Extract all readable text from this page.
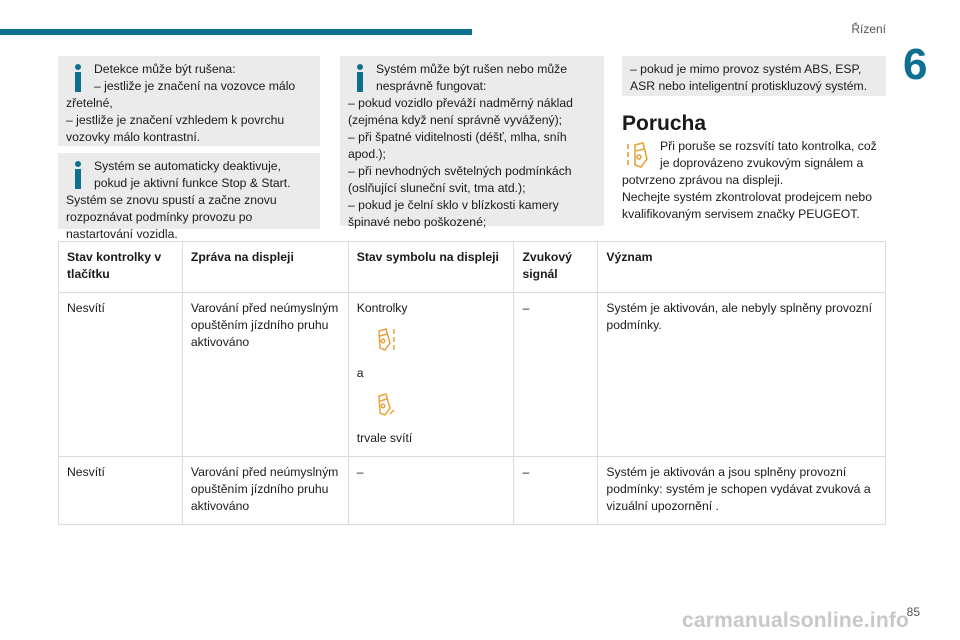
Řízení
6

Detekce může být rušena:
– jestliže je značení na vozovce málo zřetelné,
– jestliže je značení vzhledem k povrchu vozovky málo kontrastní.

Systém se automaticky deaktivuje, pokud je aktivní funkce Stop & Start. Systém se znovu spustí a začne znovu rozpoznávat podmínky provozu po nastartování vozidla.

Systém může být rušen nebo může nesprávně fungovat:
– pokud vozidlo převáží nadměrný náklad (zejména když není správně vyvážený);
– při špatné viditelnosti (déšť, mlha, sníh apod.);
– při nevhodných světelných podmínkách (oslňující sluneční svit, tma atd.);
– pokud je čelní sklo v blízkosti kamery špinavé nebo poškozené;

– pokud je mimo provoz systém ABS, ESP, ASR nebo inteligentní protiskluzový systém.

Porucha

Při poruše se rozsvítí tato kontrolka, což je doprovázeno zvukovým signálem a potvrzeno zprávou na displeji.
Nechejte systém zkontrolovat prodejcem nebo kvalifikovaným servisem značky PEUGEOT.

Stav kontrolky v tlačítku	Zpráva na displeji	Stav symbolu na displeji	Zvukový signál	Význam
Nesvítí	Varování před neúmyslným opuštěním jízdního pruhu aktivováno	Kontrolky
a
trvale svítí	–	Systém je aktivován, ale nebyly splněny provozní podmínky.
Nesvítí	Varování před neúmyslným opuštěním jízdního pruhu aktivováno	–	–	Systém je aktivován a jsou splněny provozní podmínky: systém je schopen vydávat zvuková a vizuální upozornění .
carmanualsonline.info
85
